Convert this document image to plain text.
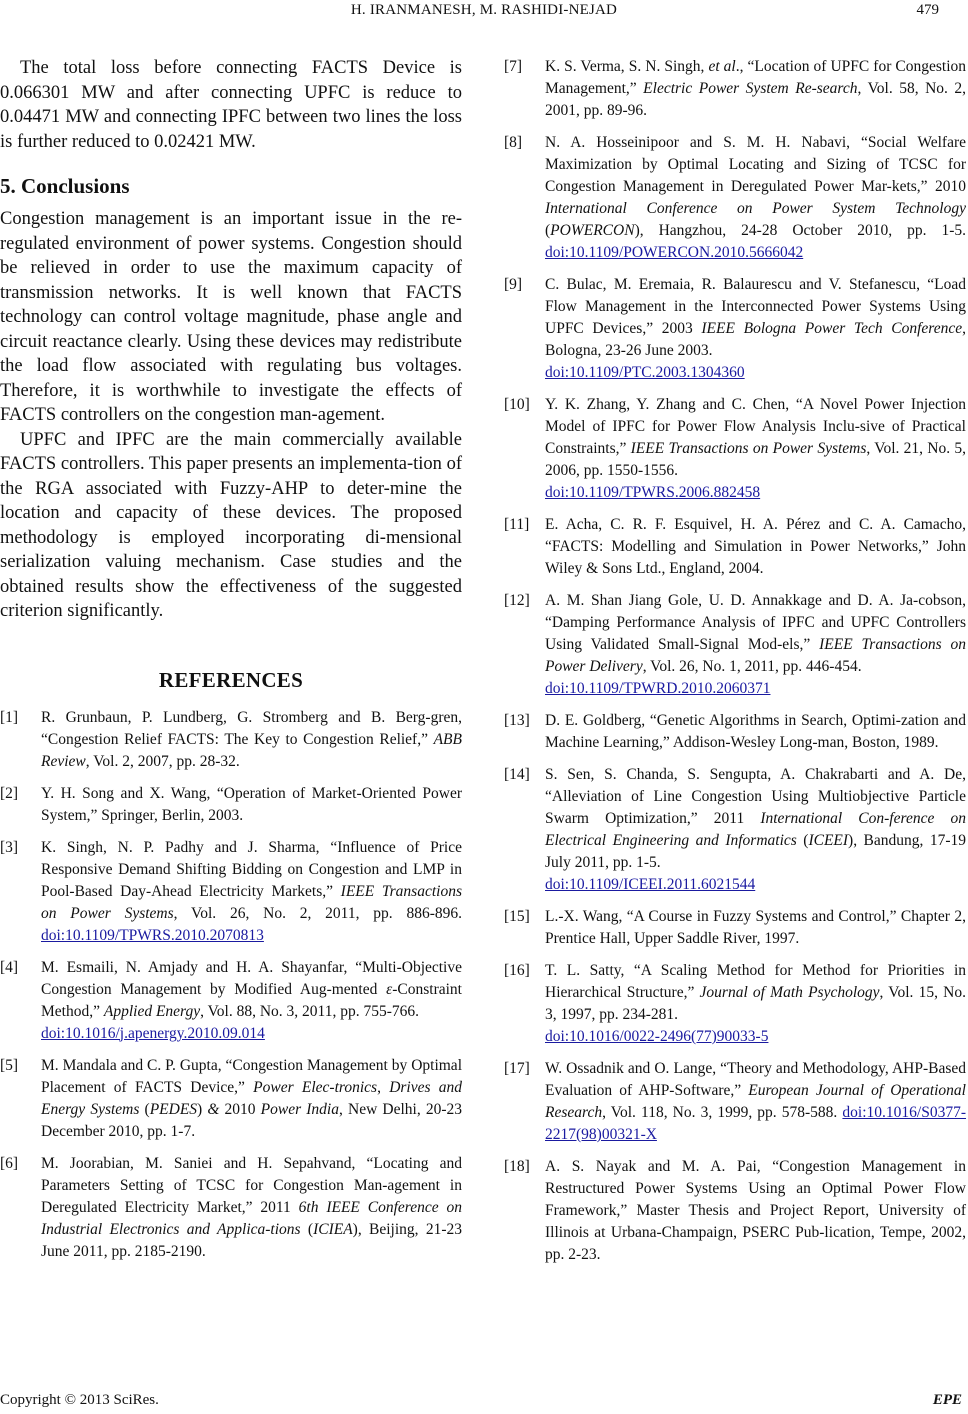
H. IRANMANESH, M. RASHIDI-NEJAD	479

The total loss before connecting FACTS Device is 0.066301 MW and after connecting UPFC is reduce to 0.04471 MW and connecting IPFC between two lines the loss is further reduced to 0.02421 MW.

5. Conclusions

Congestion management is an important issue in the re-regulated environment of power systems. Congestion should be relieved in order to use the maximum capacity of transmission networks. It is well known that FACTS technology can control voltage magnitude, phase angle and circuit reactance clearly. Using these devices may redistribute the load flow associated with regulating bus voltages. Therefore, it is worthwhile to investigate the effects of FACTS controllers on the congestion man-agement.

UPFC and IPFC are the main commercially available FACTS controllers. This paper presents an implementa-tion of the RGA associated with Fuzzy-AHP to deter-mine the location and capacity of these devices. The proposed methodology is employed incorporating di-mensional serialization valuing mechanism. Case studies and the obtained results show the effectiveness of the suggested criterion significantly.

REFERENCES
[1]	R. Grunbaun, P. Lundberg, G. Stromberg and B. Berg-gren, “Congestion Relief FACTS: The Key to Congestion Relief,” ABB Review, Vol. 2, 2007, pp. 28-32.
[2]	Y. H. Song and X. Wang, “Operation of Market-Oriented Power System,” Springer, Berlin, 2003.
[3]	K. Singh, N. P. Padhy and J. Sharma, “Influence of Price Responsive Demand Shifting Bidding on Congestion and LMP in Pool-Based Day-Ahead Electricity Markets,” IEEE Transactions on Power Systems, Vol. 26, No. 2, 2011, pp. 886-896. doi:10.1109/TPWRS.2010.2070813
[4]	M. Esmaili, N. Amjady and H. A. Shayanfar, “Multi-Objective Congestion Management by Modified Aug-mented ε-Constraint Method,” Applied Energy, Vol. 88, No. 3, 2011, pp. 755-766.
doi:10.1016/j.apenergy.2010.09.014
[5]	M. Mandala and C. P. Gupta, “Congestion Management by Optimal Placement of FACTS Device,” Power Elec-tronics, Drives and Energy Systems (PEDES) & 2010 Power India, New Delhi, 20-23 December 2010, pp. 1-7.
[6]	M. Joorabian, M. Saniei and H. Sepahvand, “Locating and Parameters Setting of TCSC for Congestion Man-agement in Deregulated Electricity Market,” 2011 6th IEEE Conference on Industrial Electronics and Applica-tions (ICIEA), Beijing, 21-23 June 2011, pp. 2185-2190.
[7]	K. S. Verma, S. N. Singh, et al., “Location of UPFC for Congestion Management,” Electric Power System Re-search, Vol. 58, No. 2, 2001, pp. 89-96.
[8]	N. A. Hosseinipoor and S. M. H. Nabavi, “Social Welfare Maximization by Optimal Locating and Sizing of TCSC for Congestion Management in Deregulated Power Mar-kets,” 2010 International Conference on Power System Technology (POWERCON), Hangzhou, 24-28 October 2010, pp. 1-5. doi:10.1109/POWERCON.2010.5666042
[9]	C. Bulac, M. Eremaia, R. Balaurescu and V. Stefanescu, “Load Flow Management in the Interconnected Power Systems Using UPFC Devices,” 2003 IEEE Bologna Power Tech Conference, Bologna, 23-26 June 2003.
doi:10.1109/PTC.2003.1304360
[10] Y. K. Zhang, Y. Zhang and C. Chen, “A Novel Power Injection Model of IPFC for Power Flow Analysis Inclu-sive of Practical Constraints,” IEEE Transactions on Power Systems, Vol. 21, No. 5, 2006, pp. 1550-1556.
doi:10.1109/TPWRS.2006.882458
[11]	E. Acha, C. R. F. Esquivel, H. A. Pérez and C. A. Camacho, “FACTS: Modelling and Simulation in Power Networks,” John Wiley & Sons Ltd., England, 2004.
[12] A. M. Shan Jiang Gole, U. D. Annakkage and D. A. Ja-cobson, “Damping Performance Analysis of IPFC and UPFC Controllers Using Validated Small-Signal Mod-els,” IEEE Transactions on Power Delivery, Vol. 26, No. 1, 2011, pp. 446-454.
doi:10.1109/TPWRD.2010.2060371
[13] D. E. Goldberg, “Genetic Algorithms in Search, Optimi-zation and Machine Learning,” Addison-Wesley Long-man, Boston, 1989.
[14] S. Sen, S. Chanda, S. Sengupta, A. Chakrabarti and A. De, “Alleviation of Line Congestion Using Multiobjective Particle Swarm Optimization,” 2011 International Con-ference on Electrical Engineering and Informatics (ICEEI), Bandung, 17-19 July 2011, pp. 1-5.
doi:10.1109/ICEEI.2011.6021544
[15] L.-X. Wang, “A Course in Fuzzy Systems and Control,” Chapter 2, Prentice Hall, Upper Saddle River, 1997.
[16] T. L. Satty, “A Scaling Method for Method for Priorities in Hierarchical Structure,” Journal of Math Psychology, Vol. 15, No. 3, 1997, pp. 234-281.
doi:10.1016/0022-2496(77)90033-5
[17] W. Ossadnik and O. Lange, “Theory and Methodology, AHP-Based Evaluation of AHP-Software,” European Journal of Operational Research, Vol. 118, No. 3, 1999, pp. 578-588. doi:10.1016/S0377-2217(98)00321-X
[18] A. S. Nayak and M. A. Pai, “Congestion Management in Restructured Power Systems Using an Optimal Power Flow Framework,” Master Thesis and Project Report, University of Illinois at Urbana-Champaign, PSERC Pub-lication, Tempe, 2002, pp. 2-23.
Copyright © 2013 SciRes.	EPE
